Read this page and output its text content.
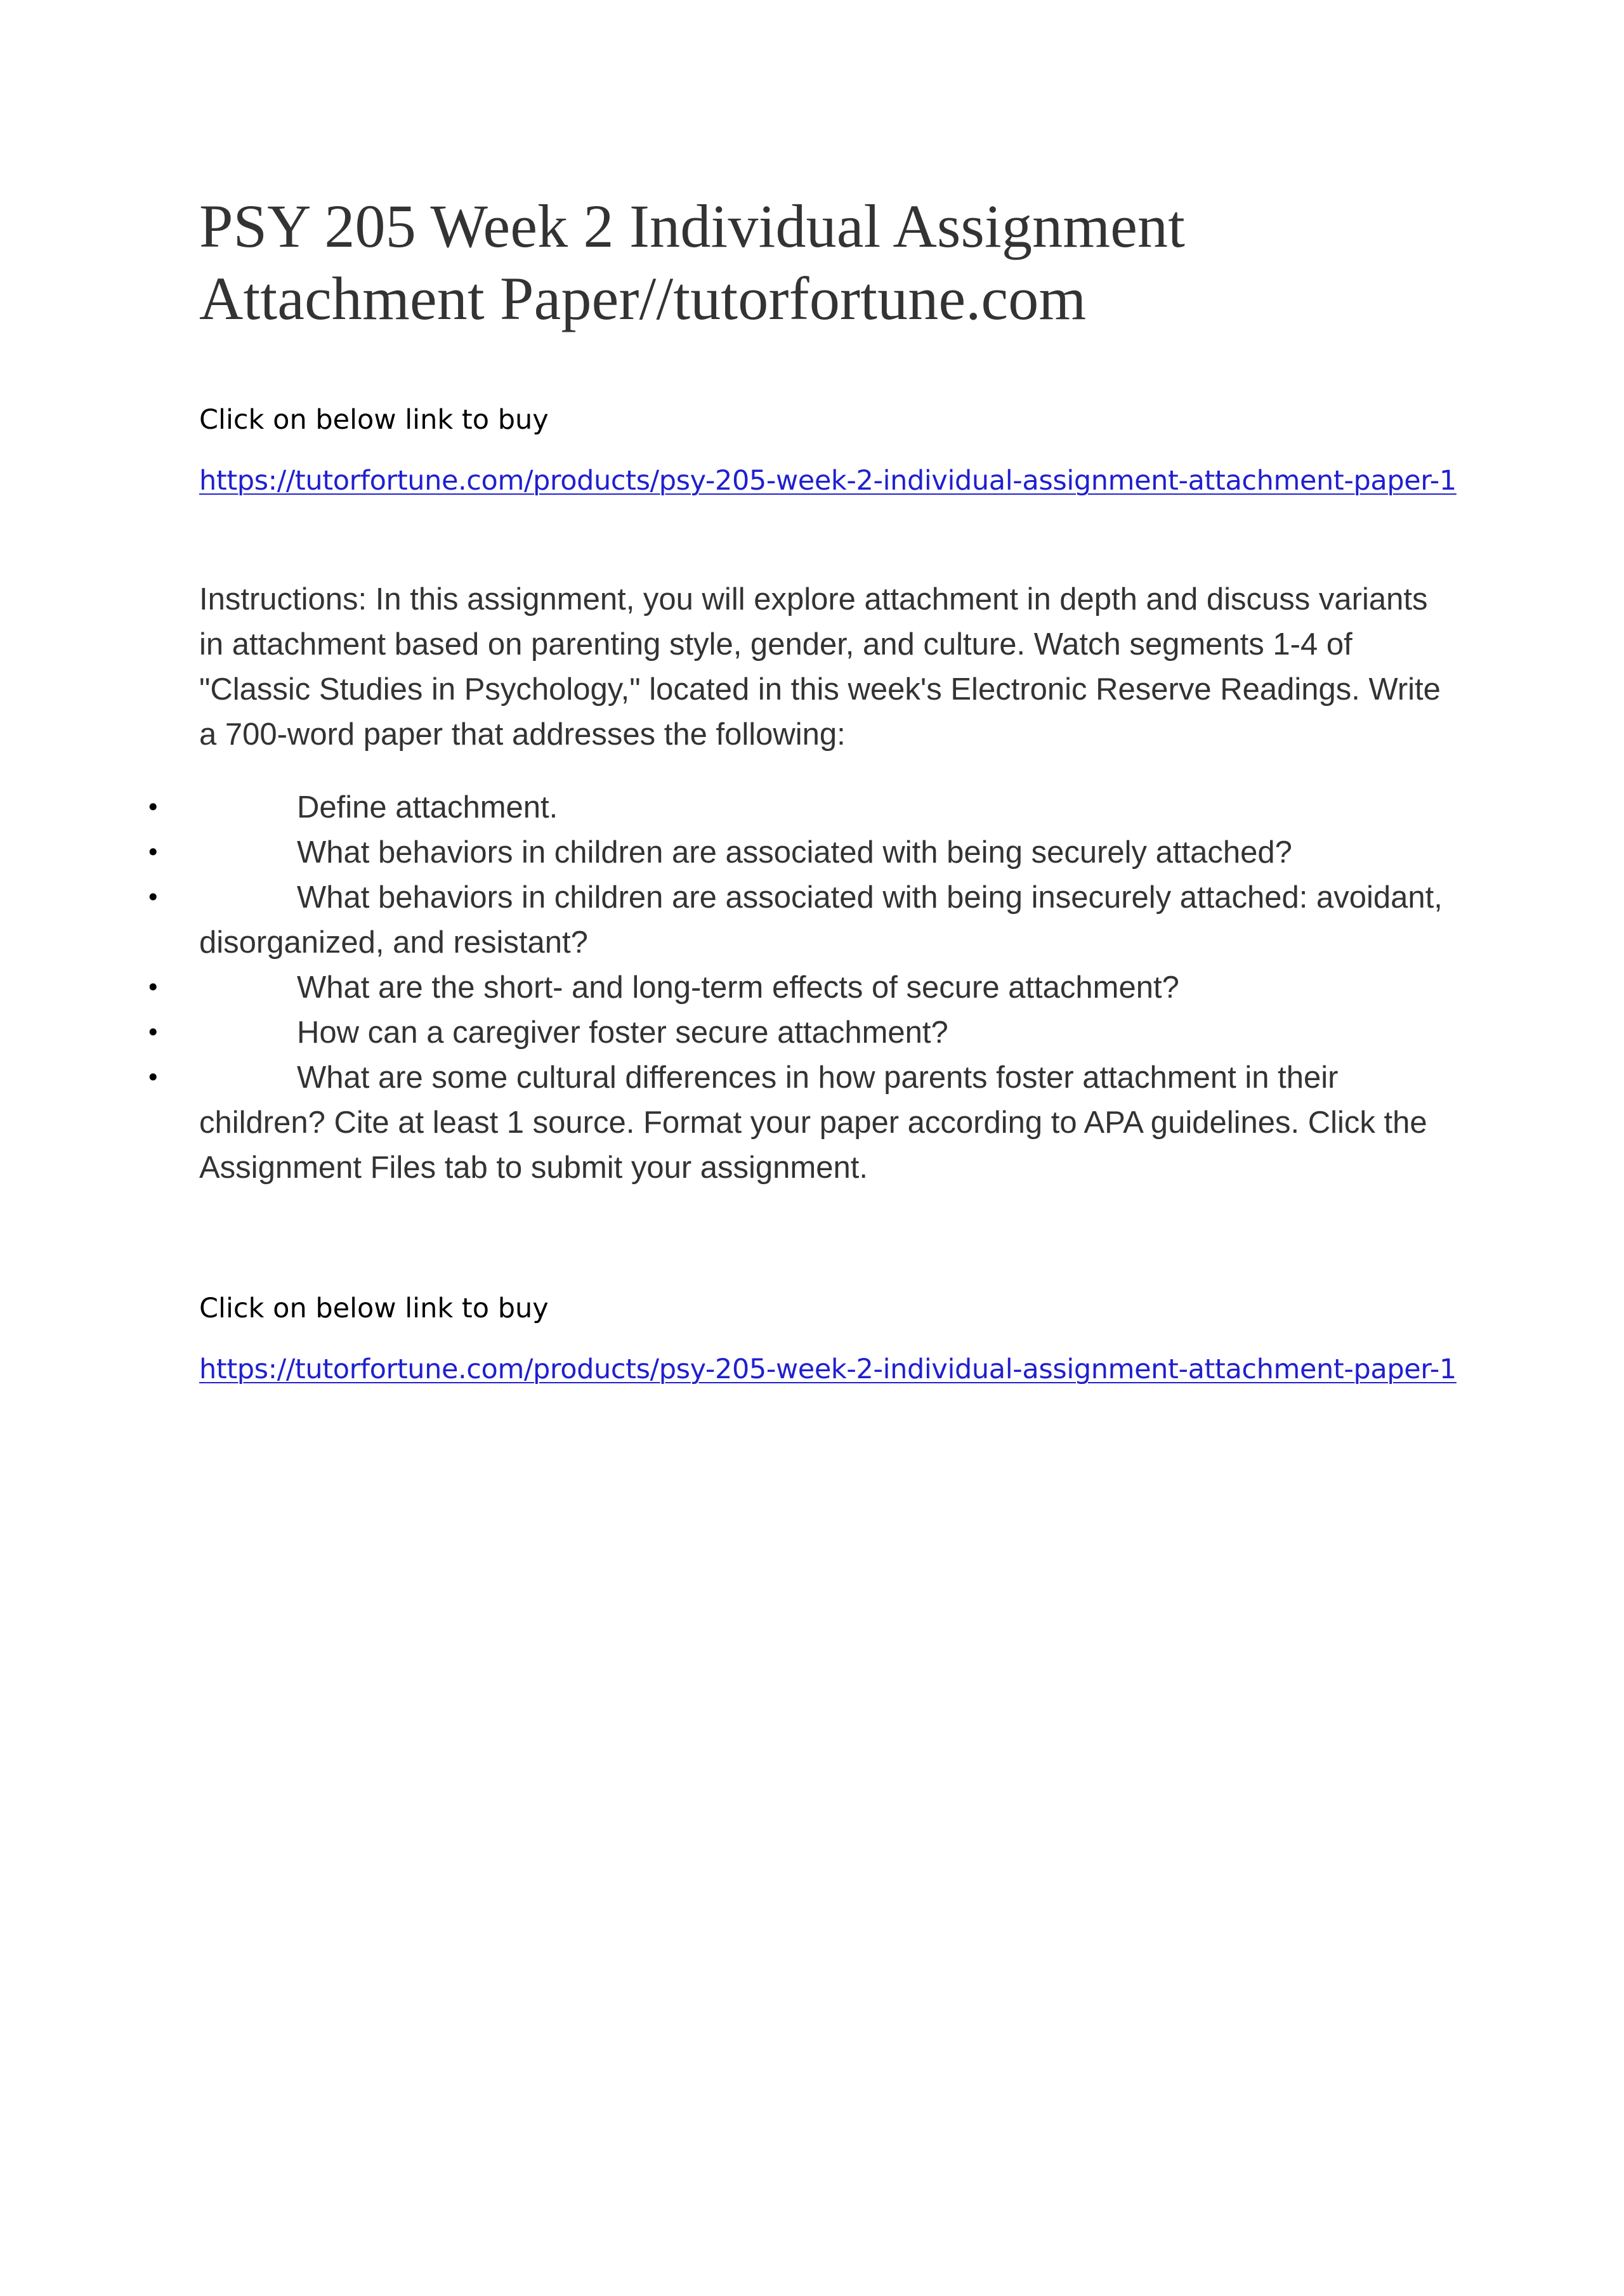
PSY 205 Week 2 Individual Assignment
Attachment Paper//tutorfortune.com

Click on below link to buy

https://tutorfortune.com/products/psy-205-week-2-individual-assignment-attachment-paper-1

Instructions: In this assignment, you will explore attachment in depth and discuss variants in attachment based on parenting style, gender, and culture. Watch segments 1-4 of "Classic Studies in Psychology," located in this week's Electronic Reserve Readings. Write a 700-word paper that addresses the following:

•	Define attachment.
•	What behaviors in children are associated with being securely attached?
•	What behaviors in children are associated with being insecurely attached: avoidant, disorganized, and resistant?
•	What are the short- and long-term effects of secure attachment?
•	How can a caregiver foster secure attachment?
•	What are some cultural differences in how parents foster attachment in their children? Cite at least 1 source. Format your paper according to APA guidelines. Click the Assignment Files tab to submit your assignment.

Click on below link to buy

https://tutorfortune.com/products/psy-205-week-2-individual-assignment-attachment-paper-1
